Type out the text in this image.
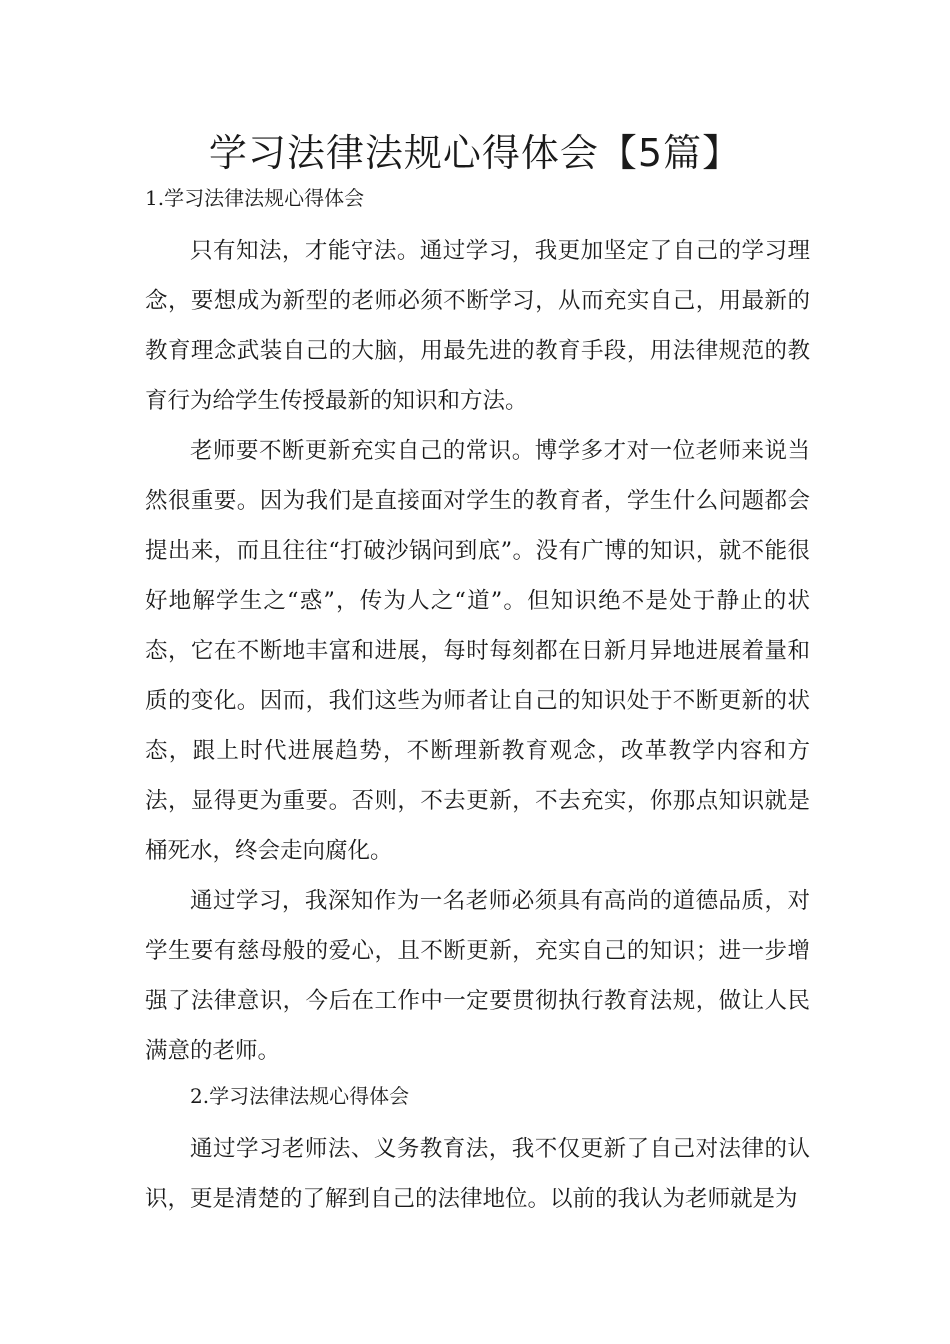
学习法律法规心得体会【5篇】

1.学习法律法规心得体会

只有知法，才能守法。通过学习，我更加坚定了自己的学习理念，要想成为新型的老师必须不断学习，从而充实自己，用最新的教育理念武装自己的大脑，用最先进的教育手段，用法律规范的教育行为给学生传授最新的知识和方法。

老师要不断更新充实自己的常识。博学多才对一位老师来说当然很重要。因为我们是直接面对学生的教育者，学生什么问题都会提出来，而且往往“打破沙锅问到底”。没有广博的知识，就不能很好地解学生之“惑”，传为人之“道”。但知识绝不是处于静止的状态，它在不断地丰富和进展，每时每刻都在日新月异地进展着量和质的变化。因而，我们这些为师者让自己的知识处于不断更新的状态，跟上时代进展趋势，不断理新教育观念，改革教学内容和方法，显得更为重要。否则，不去更新，不去充实，你那点知识就是桶死水，终会走向腐化。

通过学习，我深知作为一名老师必须具有高尚的道德品质，对学生要有慈母般的爱心，且不断更新，充实自己的知识；进一步增强了法律意识，今后在工作中一定要贯彻执行教育法规，做让人民满意的老师。

2.学习法律法规心得体会

通过学习老师法、义务教育法，我不仅更新了自己对法律的认识，更是清楚的了解到自己的法律地位。以前的我认为老师就是为
